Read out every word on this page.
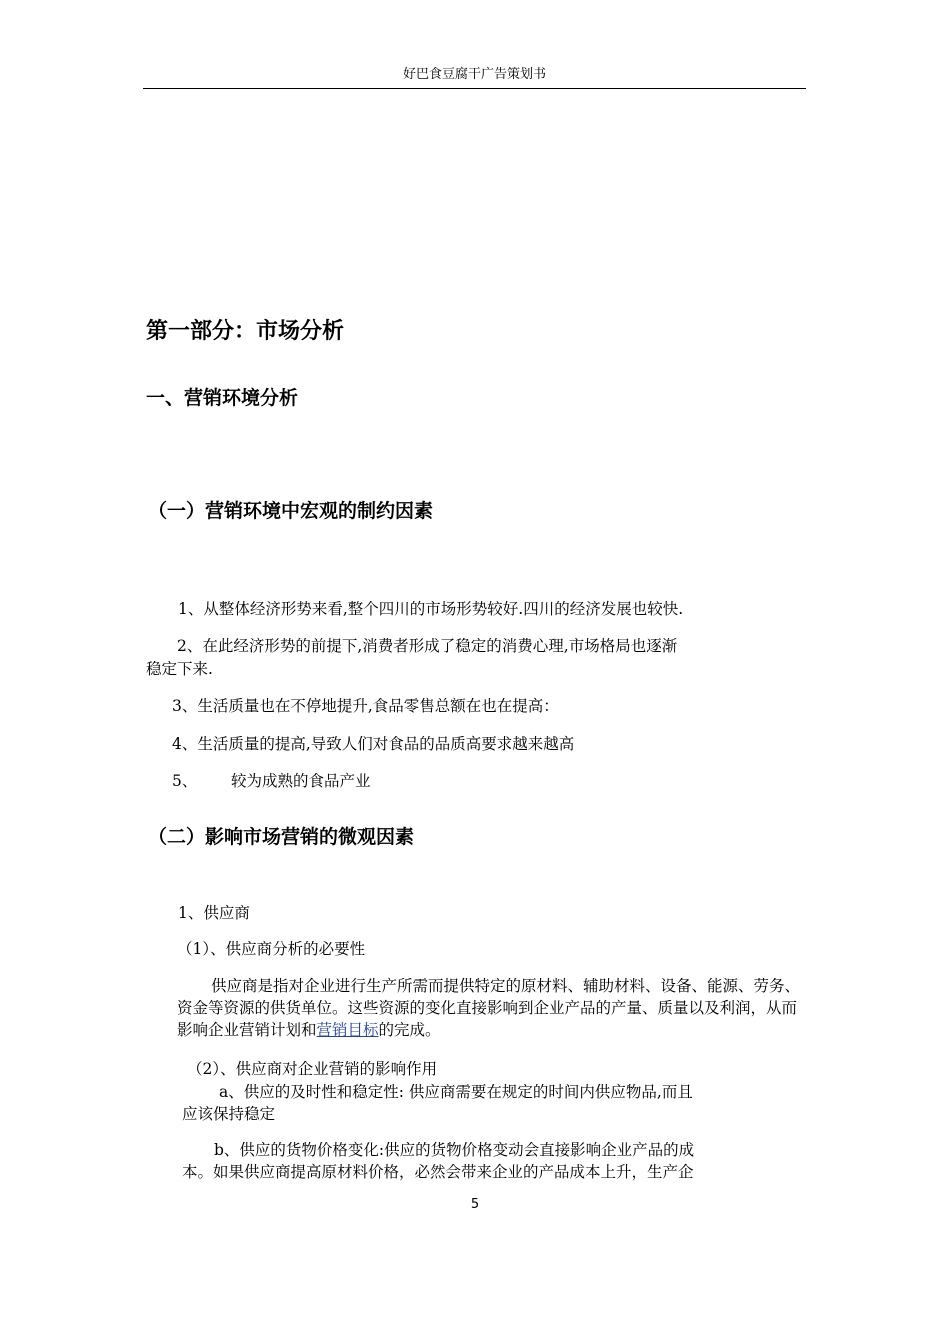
好巴食豆腐干广告策划书
第一部分：市场分析
一、营销环境分析
（一）营销环境中宏观的制约因素
1、从整体经济形势来看,整个四川的市场形势较好.四川的经济发展也较快.
2、在此经济形势的前提下,消费者形成了稳定的消费心理,市场格局也逐渐
稳定下来.
3、生活质量也在不停地提升,食品零售总额在也在提高：
4、生活质量的提高,导致人们对食品的品质高要求越来越高
5、 较为成熟的食品产业
（二）影响市场营销的微观因素
1、供应商
（1）、供应商分析的必要性
供应商是指对企业进行生产所需而提供特定的原材料、辅助材料、设备、能源、劳务、资金等资源的供货单位。这些资源的变化直接影响到企业产品的产量、质量以及利润，从而影响企业营销计划和营销目标的完成。
（2）、供应商对企业营销的影响作用
a、供应的及时性和稳定性: 供应商需要在规定的时间内供应物品,而且
应该保持稳定
b、供应的货物价格变化:供应的货物价格变动会直接影响企业产品的成
本。如果供应商提高原材料价格，必然会带来企业的产品成本上升，生产企
5
